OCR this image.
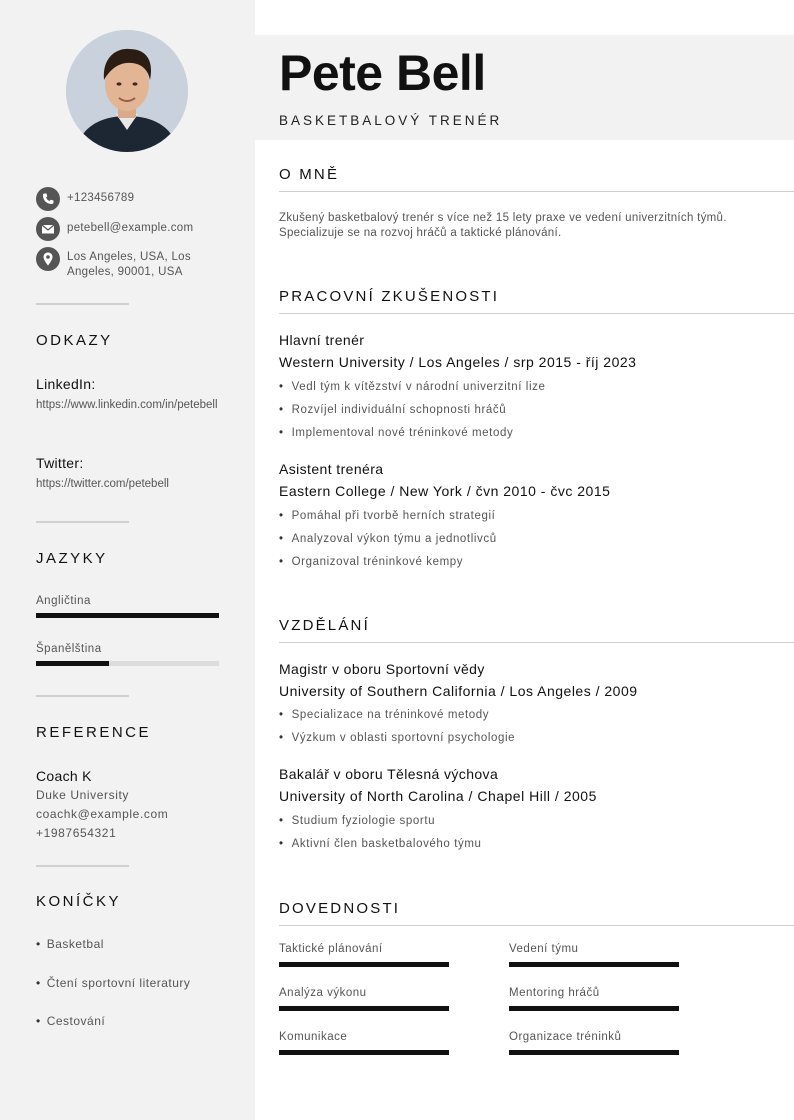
+123456789
petebell@example.com
Los Angeles, USA, Los Angeles, 90001, USA
ODKAZY
LinkedIn:
https://www.linkedin.com/in/petebell
Twitter:
https://twitter.com/petebell
JAZYKY
Angličtina
Španělština
REFERENCE
Coach K
Duke University
coachk@example.com
+1987654321
KONÍČKY
• Basketbal
• Čtení sportovní literatury
• Cestování
Pete Bell
BASKETBALOVÝ TRENÉR
O MNĚ
Zkušený basketbalový trenér s více než 15 lety praxe ve vedení univerzitních týmů. Specializuje se na rozvoj hráčů a taktické plánování.
PRACOVNÍ ZKUŠENOSTI
Hlavní trenér
Western University / Los Angeles / srp 2015 - říj 2023
• Vedl tým k vítězství v národní univerzitní lize
• Rozvíjel individuální schopnosti hráčů
• Implementoval nové tréninkové metody
Asistent trenéra
Eastern College / New York / čvn 2010 - čvc 2015
• Pomáhal při tvorbě herních strategií
• Analyzoval výkon týmu a jednotlivců
• Organizoval tréninkové kempy
VZDĚLÁNÍ
Magistr v oboru Sportovní vědy
University of Southern California / Los Angeles / 2009
• Specializace na tréninkové metody
• Výzkum v oblasti sportovní psychologie
Bakalář v oboru Tělesná výchova
University of North Carolina / Chapel Hill / 2005
• Studium fyziologie sportu
• Aktivní člen basketbalového týmu
DOVEDNOSTI
Taktické plánování	Vedení týmu
Analýza výkonu	Mentoring hráčů
Komunikace	Organizace tréninků
